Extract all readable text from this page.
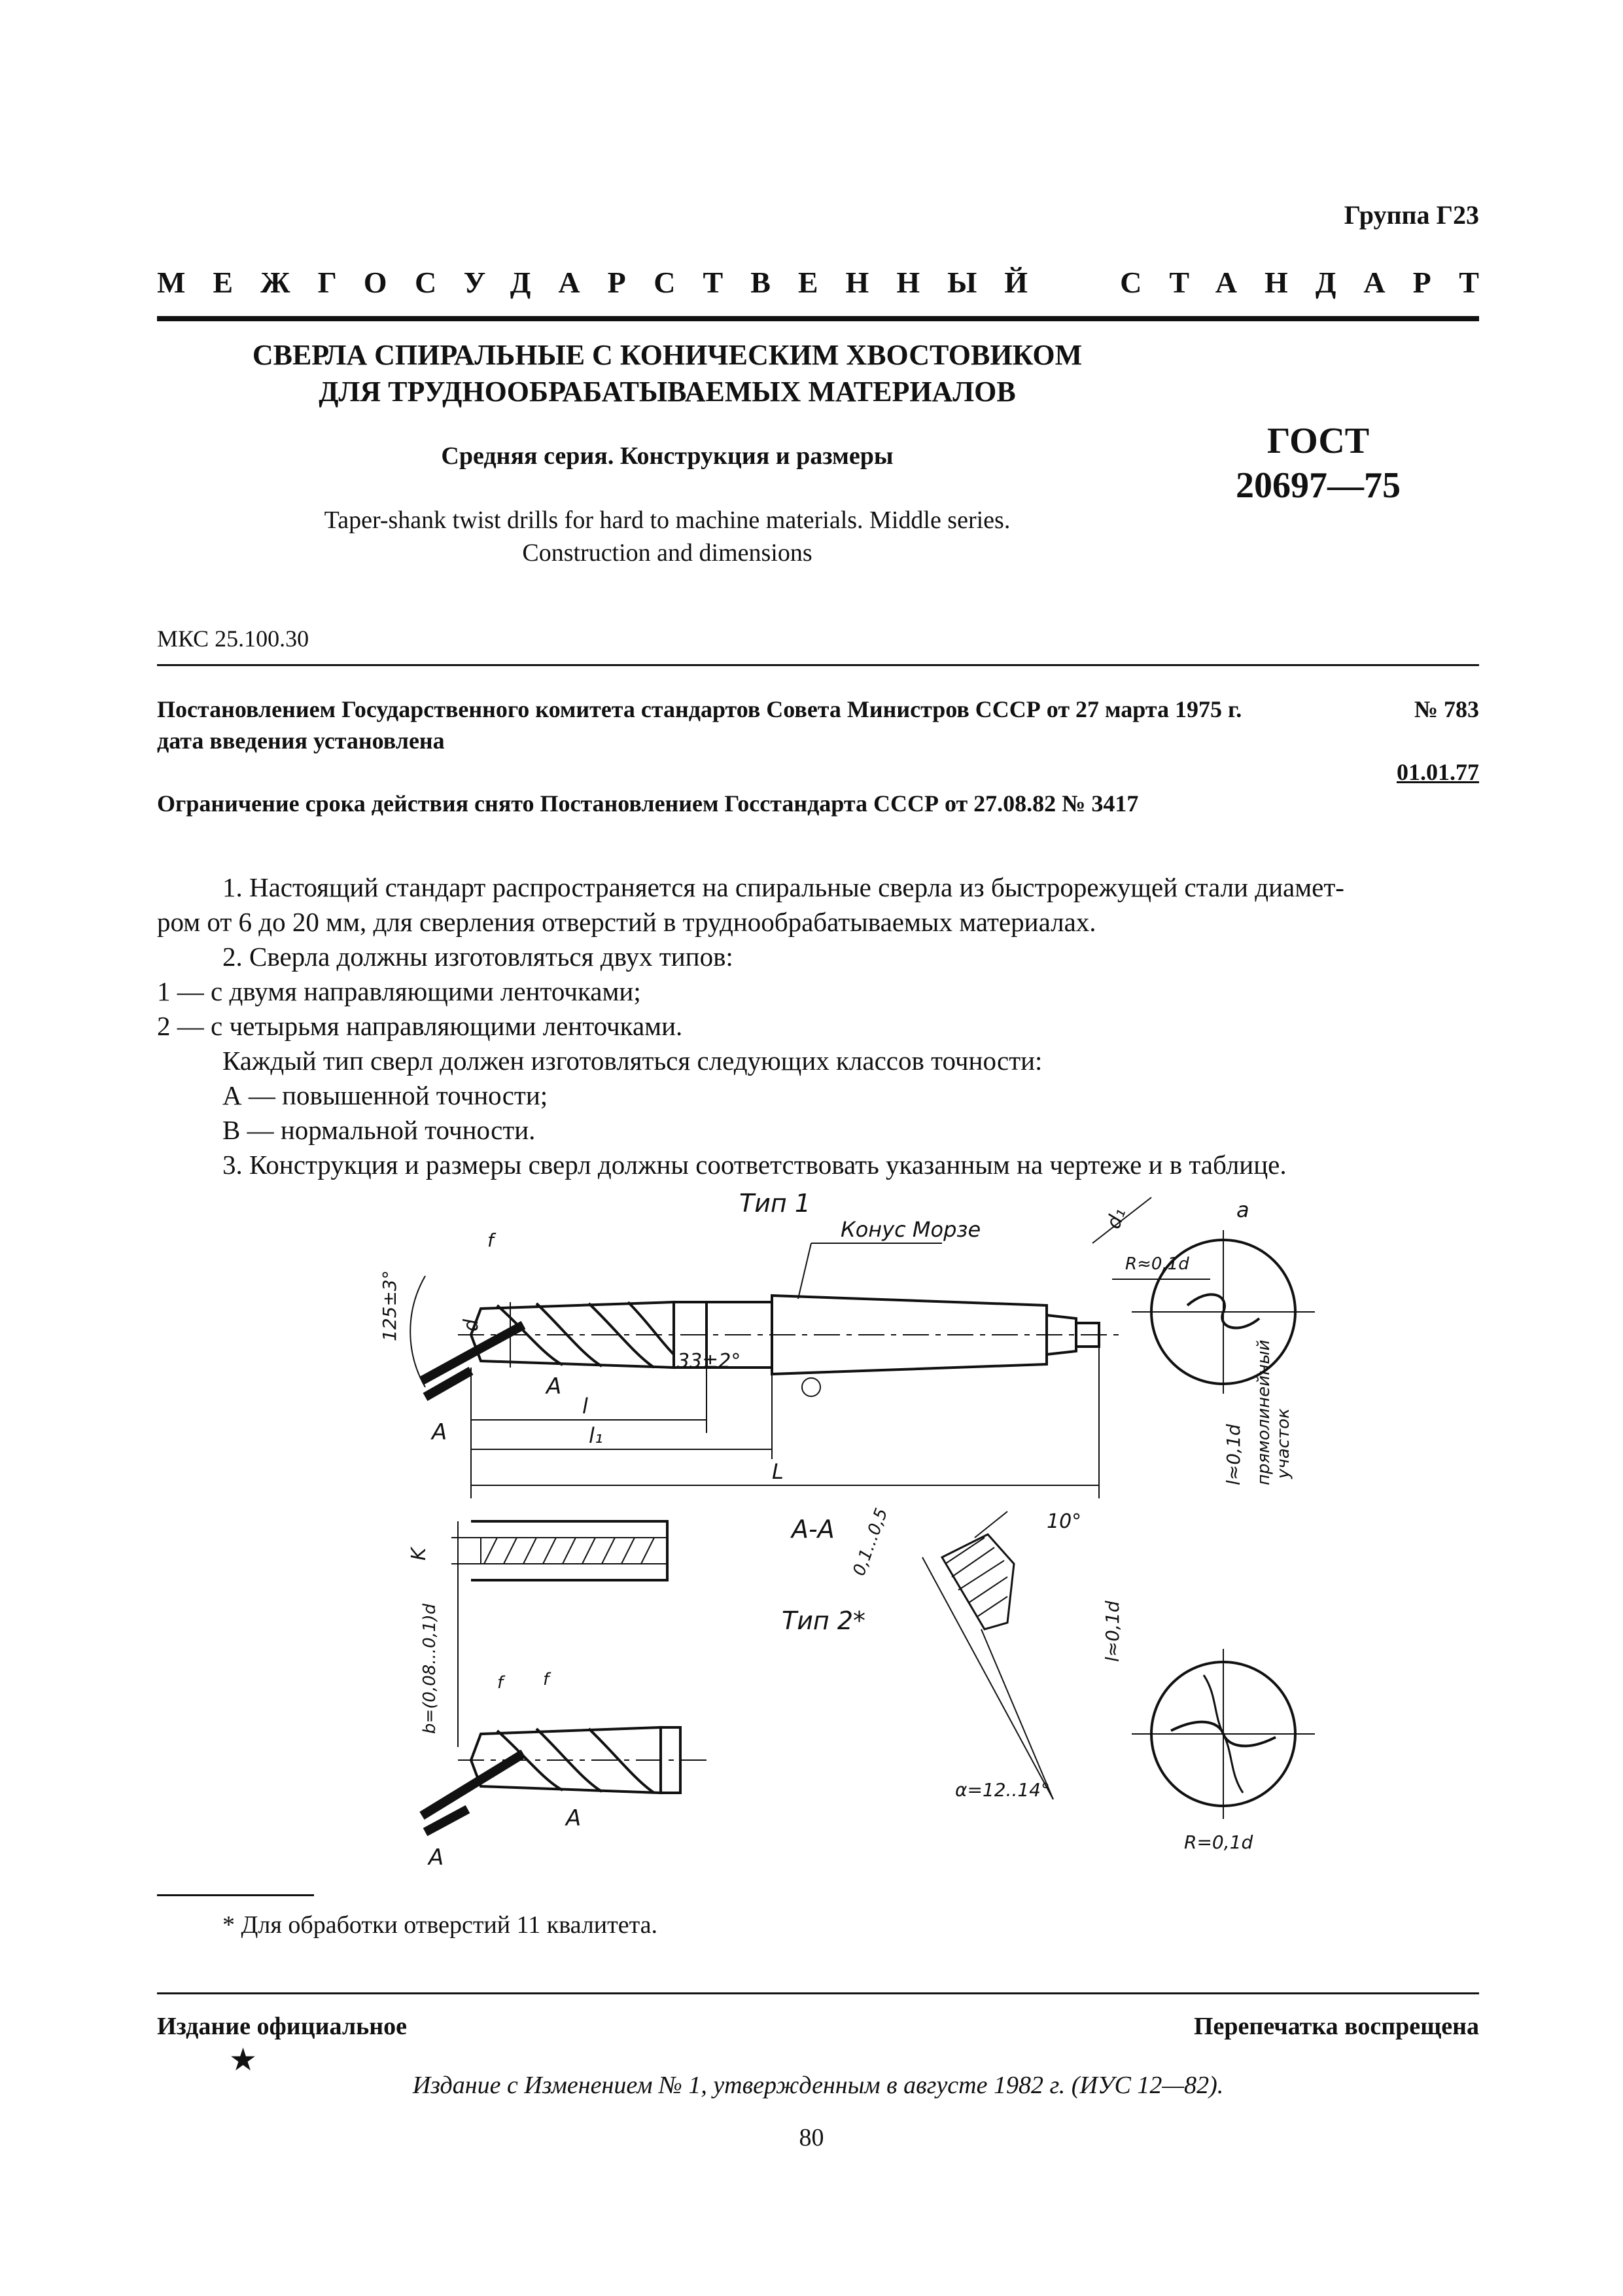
Группа Г23
МЕЖГОСУДАРСТВЕННЫЙ СТАНДАРТ
СВЕРЛА СПИРАЛЬНЫЕ С КОНИЧЕСКИМ ХВОСТОВИКОМ
ДЛЯ ТРУДНООБРАБАТЫВАЕМЫХ МАТЕРИАЛОВ
Средняя серия. Конструкция и размеры	ГОСТ
20697—75
Taper-shank twist drills for hard to machine materials. Middle series.
Construction and dimensions
МКС 25.100.30
Постановлением Государственного комитета стандартов Совета Министров СССР от 27 марта 1975 г.	№ 783
дата введения установлена
01.01.77
Ограничение срока действия снято Постановлением Госстандарта СССР от 27.08.82 № 3417

1. Настоящий стандарт распространяется на спиральные сверла из быстрорежущей стали диамет-

ром от 6 до 20 мм, для сверления отверстий в труднообрабатываемых материалах.

2. Сверла должны изготовляться двух типов:

1 — с двумя направляющими ленточками;

2 — с четырьмя направляющими ленточками.

Каждый тип сверл должен изготовляться следующих классов точности:

А — повышенной точности;

В — нормальной точности.

3. Конструкция и размеры сверл должны соответствовать указанным на чертеже и в таблице.

Тип 1
Конус Морзе
d
125±3°
f
33±2°
A
A
l
l₁
L
d₁	a
R≈0,1d
l≈0,1d прямолинейный участок
K
b=(0,08...0,1)d
А-А 0,1...0,5	10°
α=12..14°
Тип 2*
f f
A
A
l≈0,1d
R=0,1d
* Для обработки отверстий 11 квалитета.
Издание официальное	Перепечатка воспрещена
★
Издание с Изменением № 1, утвержденным в августе 1982 г. (ИУС 12—82).
80
